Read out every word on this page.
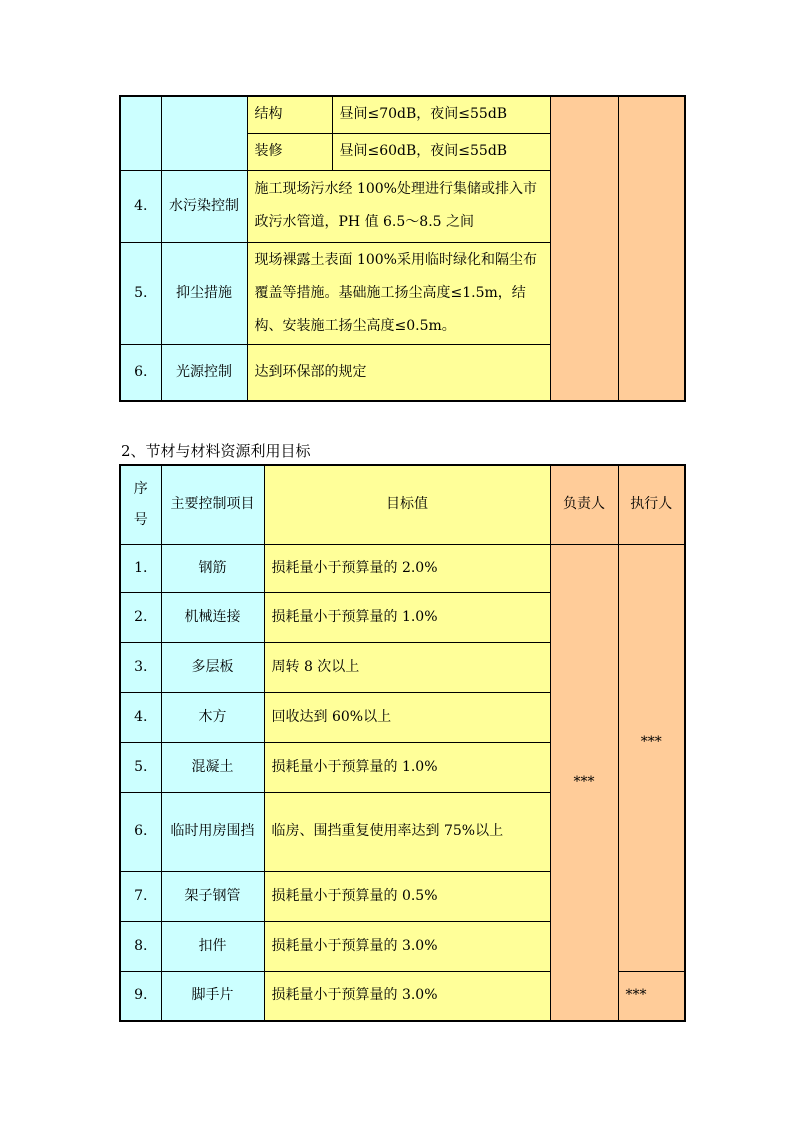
		结构	昼间≤70dB，夜间≤55dB		
		装修	昼间≤60dB，夜间≤55dB		
4.	水污染控制	施工现场污水经 100%处理进行集储或排入市政污水管道，PH 值 6.5～8.5 之间			
5.	抑尘措施	现场裸露土表面 100%采用临时绿化和隔尘布覆盖等措施。基础施工扬尘高度≤1.5m，结构、安装施工扬尘高度≤0.5m。			
6.	光源控制	达到环保部的规定			
2、节材与材料资源利用目标
序号	主要控制项目	目标值	负责人	执行人
1.	钢筋	损耗量小于预算量的 2.0%	***	***
2.	机械连接	损耗量小于预算量的 1.0%		
3.	多层板	周转 8 次以上		
4.	木方	回收达到 60%以上		
5.	混凝土	损耗量小于预算量的 1.0%		
6.	临时用房围挡	临房、围挡重复使用率达到 75%以上		
7.	架子钢管	损耗量小于预算量的 0.5%		
8.	扣件	损耗量小于预算量的 3.0%		
9.	脚手片	损耗量小于预算量的 3.0%		***
